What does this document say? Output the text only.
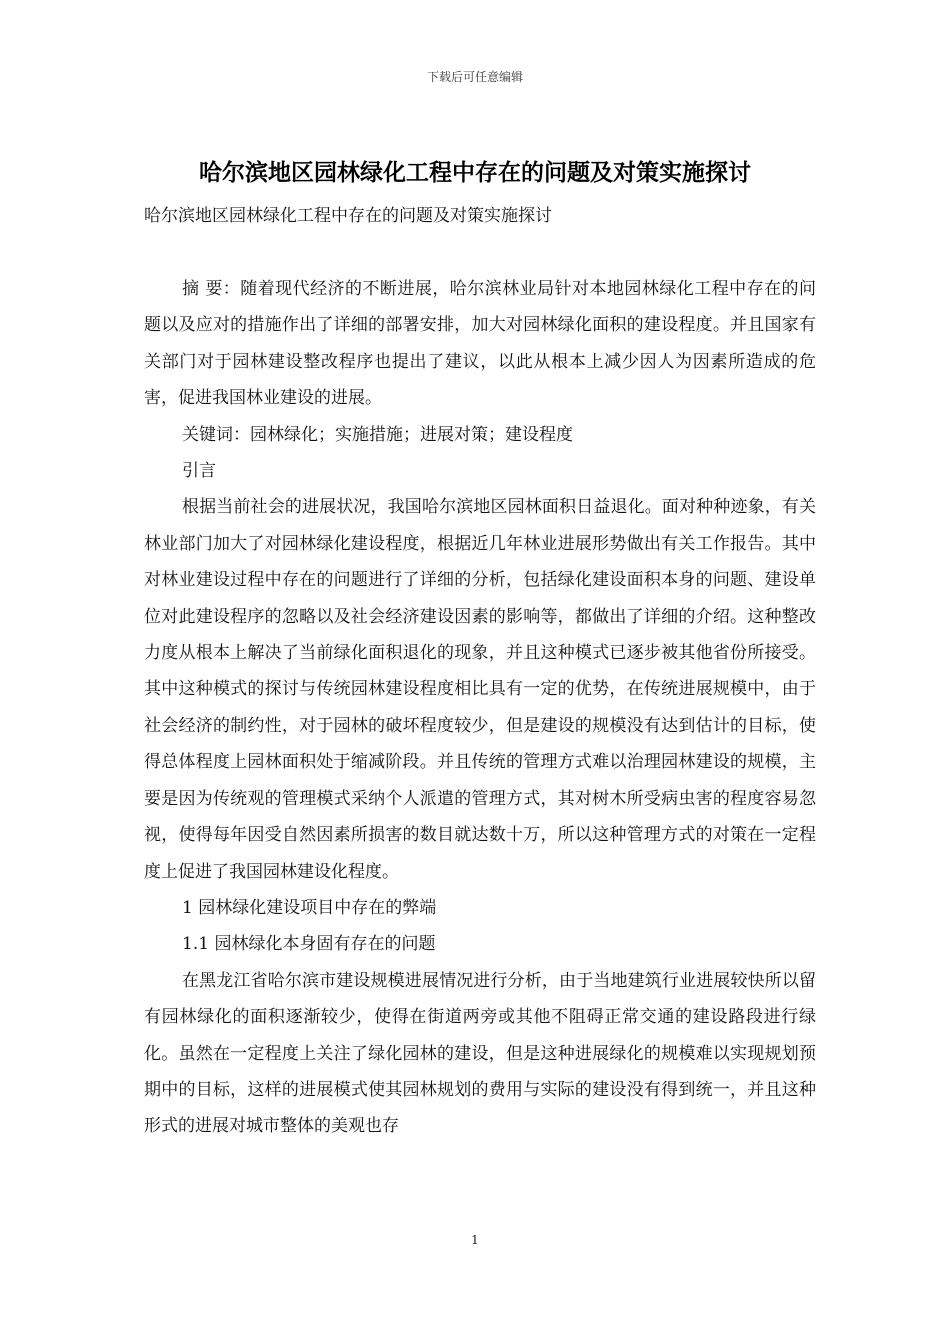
下载后可任意编辑
哈尔滨地区园林绿化工程中存在的问题及对策实施探讨
哈尔滨地区园林绿化工程中存在的问题及对策实施探讨

摘 要：随着现代经济的不断进展，哈尔滨林业局针对本地园林绿化工程中存在的问题以及应对的措施作出了详细的部署安排，加大对园林绿化面积的建设程度。并且国家有关部门对于园林建设整改程序也提出了建议，以此从根本上减少因人为因素所造成的危害，促进我国林业建设的进展。

关键词：园林绿化；实施措施；进展对策；建设程度

引言

根据当前社会的进展状况，我国哈尔滨地区园林面积日益退化。面对种种迹象，有关林业部门加大了对园林绿化建设程度，根据近几年林业进展形势做出有关工作报告。其中对林业建设过程中存在的问题进行了详细的分析，包括绿化建设面积本身的问题、建设单位对此建设程序的忽略以及社会经济建设因素的影响等，都做出了详细的介绍。这种整改力度从根本上解决了当前绿化面积退化的现象，并且这种模式已逐步被其他省份所接受。其中这种模式的探讨与传统园林建设程度相比具有一定的优势，在传统进展规模中，由于社会经济的制约性，对于园林的破坏程度较少，但是建设的规模没有达到估计的目标，使得总体程度上园林面积处于缩减阶段。并且传统的管理方式难以治理园林建设的规模，主要是因为传统观的管理模式采纳个人派遣的管理方式，其对树木所受病虫害的程度容易忽视，使得每年因受自然因素所损害的数目就达数十万，所以这种管理方式的对策在一定程度上促进了我国园林建设化程度。

1 园林绿化建设项目中存在的弊端

1.1 园林绿化本身固有存在的问题

在黑龙江省哈尔滨市建设规模进展情况进行分析，由于当地建筑行业进展较快所以留有园林绿化的面积逐渐较少，使得在街道两旁或其他不阻碍正常交通的建设路段进行绿化。虽然在一定程度上关注了绿化园林的建设，但是这种进展绿化的规模难以实现规划预期中的目标，这样的进展模式使其园林规划的费用与实际的建设没有得到统一，并且这种形式的进展对城市整体的美观也存

1
